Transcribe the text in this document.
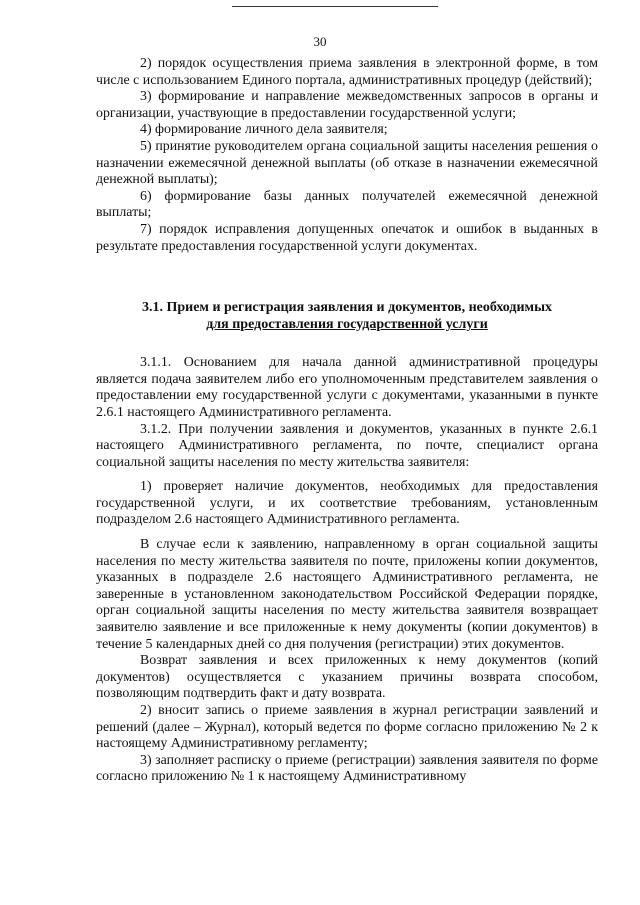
30

2) порядок осуществления приема заявления в электронной форме, в том числе с использованием Единого портала, административных процедур (действий);

3) формирование и направление межведомственных запросов в органы и организации, участвующие в предоставлении государственной услуги;

4) формирование личного дела заявителя;

5) принятие руководителем органа социальной защиты населения решения о назначении ежемесячной денежной выплаты (об отказе в назначении ежемесячной денежной выплаты);

6) формирование базы данных получателей ежемесячной денежной выплаты;

7) порядок исправления допущенных опечаток и ошибок в выданных в результате предоставления государственной услуги документах.

3.1. Прием и регистрация заявления и документов, необходимых
для предоставления государственной услуги

3.1.1. Основанием для начала данной административной процедуры является подача заявителем либо его уполномоченным представителем заявления о предоставлении ему государственной услуги с документами, указанными в пункте 2.6.1 настоящего Административного регламента.

3.1.2. При получении заявления и документов, указанных в пункте 2.6.1 настоящего Административного регламента, по почте, специалист органа социальной защиты населения по месту жительства заявителя:

1) проверяет наличие документов, необходимых для предоставления государственной услуги, и их соответствие требованиям, установленным подразделом 2.6 настоящего Административного регламента.

В случае если к заявлению, направленному в орган социальной защиты населения по месту жительства заявителя по почте, приложены копии документов, указанных в подразделе 2.6 настоящего Административного регламента, не заверенные в установленном законодательством Российской Федерации порядке, орган социальной защиты населения по месту жительства заявителя возвращает заявителю заявление и все приложенные к нему документы (копии документов) в течение 5 календарных дней со дня получения (регистрации) этих документов.

Возврат заявления и всех приложенных к нему документов (копий документов) осуществляется с указанием причины возврата способом, позволяющим подтвердить факт и дату возврата.

2) вносит запись о приеме заявления в журнал регистрации заявлений и решений (далее – Журнал), который ведется по форме согласно приложению № 2 к настоящему Административному регламенту;

3) заполняет расписку о приеме (регистрации) заявления заявителя по форме согласно приложению № 1 к настоящему Административному
